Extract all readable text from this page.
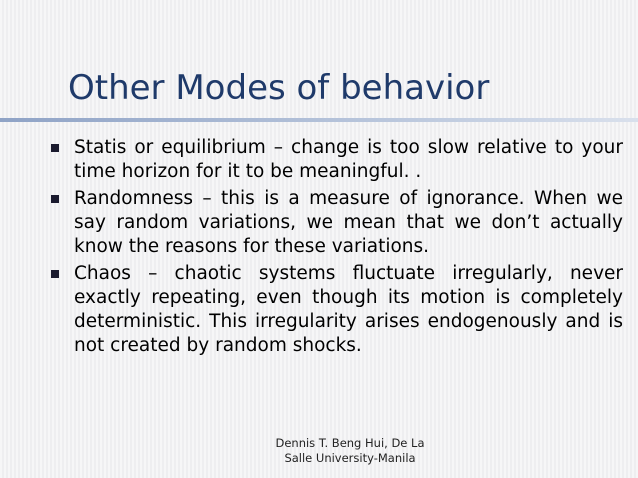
Other Modes of behavior
Statis or equilibrium – change is too slow relative to your time horizon for it to be meaningful. .
Randomness – this is a measure of ignorance. When we say random variations, we mean that we don’t actually know the reasons for these variations.
Chaos – chaotic systems fluctuate irregularly, never exactly repeating, even though its motion is completely deterministic. This irregularity arises endogenously and is not created by random shocks.
Dennis T. Beng Hui, De La
Salle University-Manila
